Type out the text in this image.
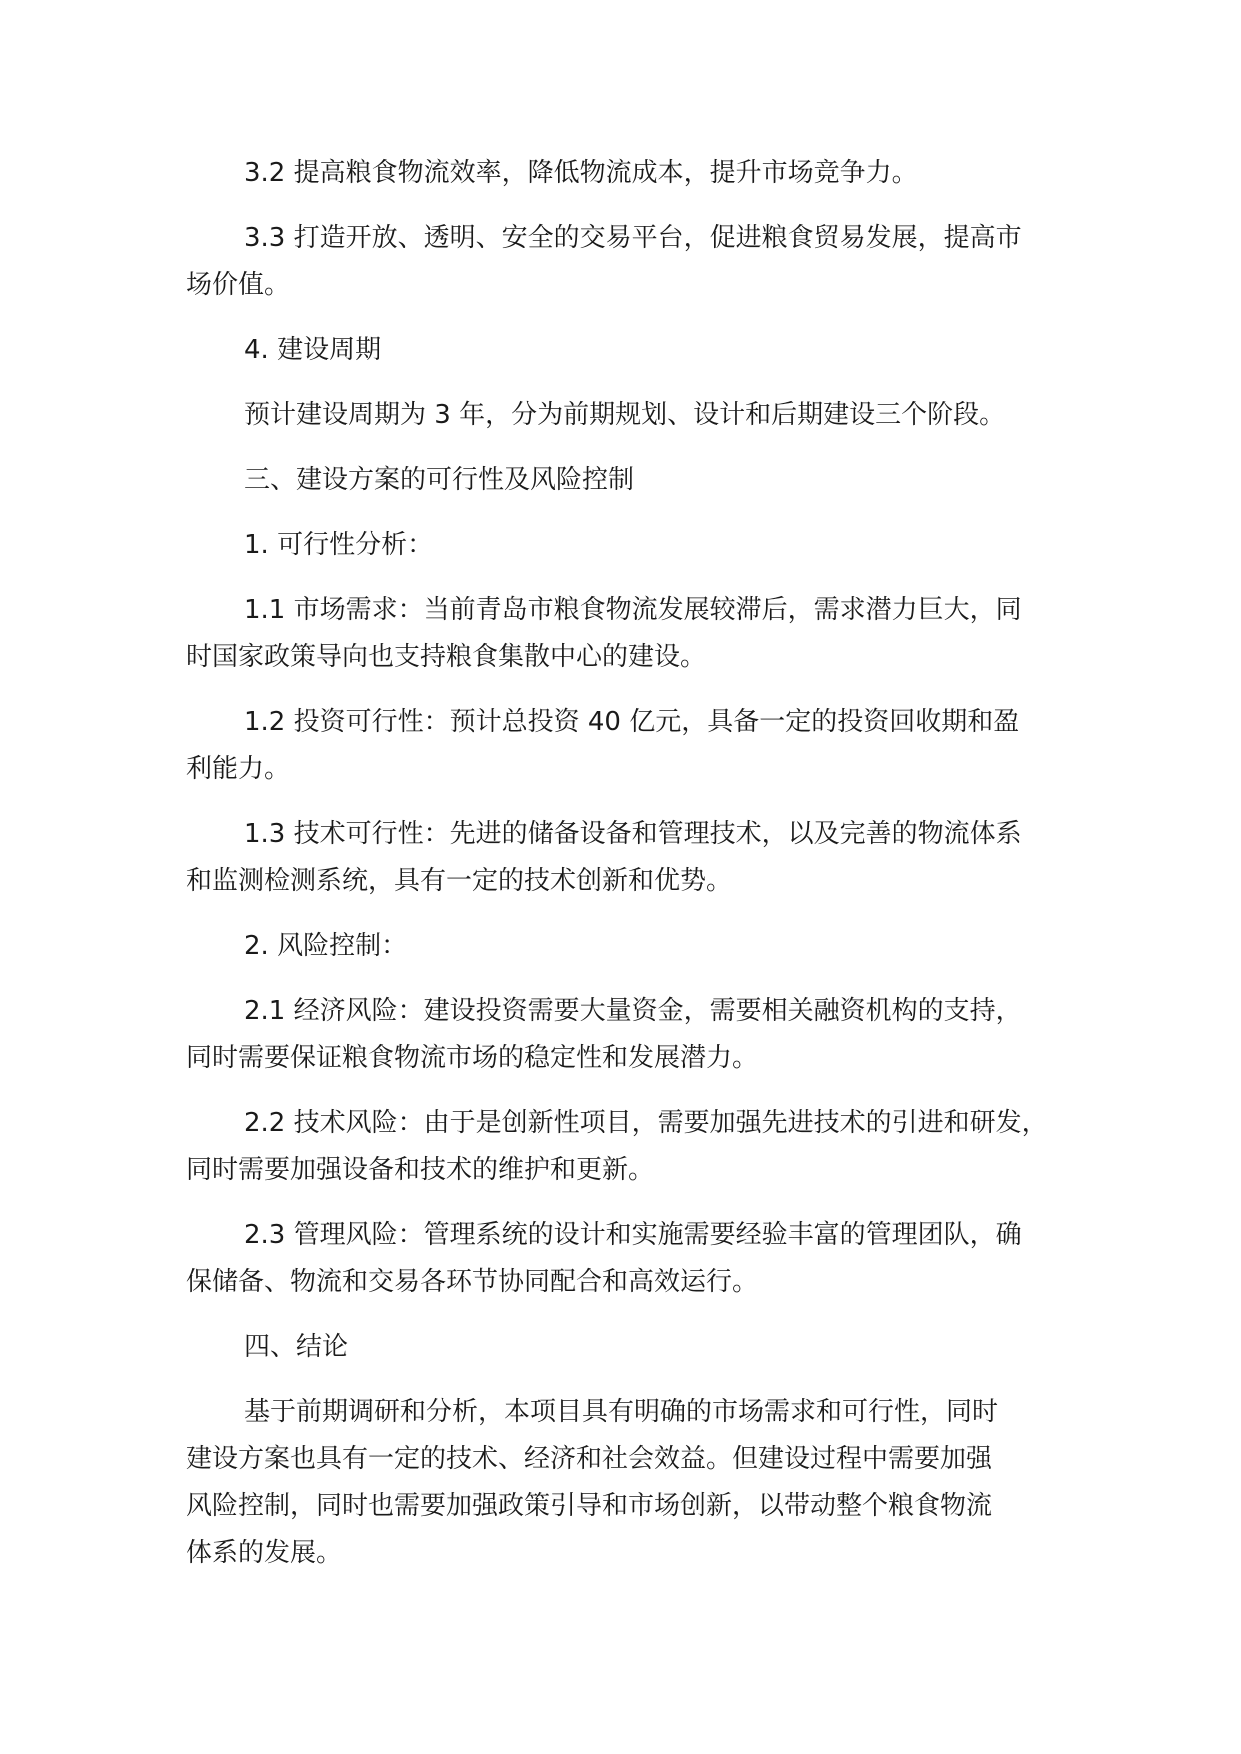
3.2 提高粮食物流效率，降低物流成本，提升市场竞争力。

3.3 打造开放、透明、安全的交易平台，促进粮食贸易发展，提高市
场价值。

4. 建设周期

预计建设周期为 3 年，分为前期规划、设计和后期建设三个阶段。

三、建设方案的可行性及风险控制

1. 可行性分析：

1.1 市场需求：当前青岛市粮食物流发展较滞后，需求潜力巨大，同
时国家政策导向也支持粮食集散中心的建设。

1.2 投资可行性：预计总投资 40 亿元，具备一定的投资回收期和盈
利能力。

1.3 技术可行性：先进的储备设备和管理技术，以及完善的物流体系
和监测检测系统，具有一定的技术创新和优势。

2. 风险控制：

2.1 经济风险：建设投资需要大量资金，需要相关融资机构的支持，
同时需要保证粮食物流市场的稳定性和发展潜力。

2.2 技术风险：由于是创新性项目，需要加强先进技术的引进和研发，
同时需要加强设备和技术的维护和更新。

2.3 管理风险：管理系统的设计和实施需要经验丰富的管理团队，确
保储备、物流和交易各环节协同配合和高效运行。

四、结论

基于前期调研和分析，本项目具有明确的市场需求和可行性，同时
建设方案也具有一定的技术、经济和社会效益。但建设过程中需要加强
风险控制，同时也需要加强政策引导和市场创新，以带动整个粮食物流
体系的发展。
